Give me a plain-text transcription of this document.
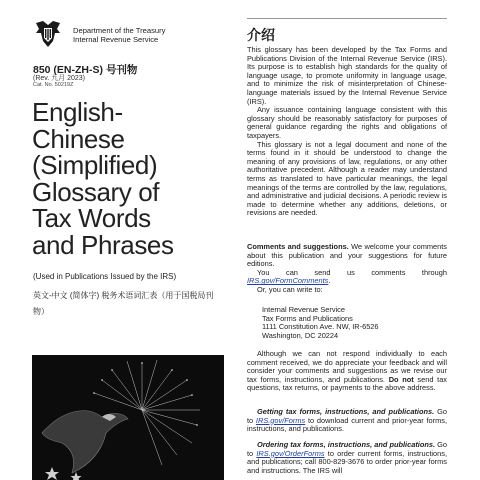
Department of the Treasury
Internal Revenue Service
850 (EN-ZH-S) 号刊物
(Rev. 九月 2023)
Cat. No. 50219Z
English-
Chinese
(Simplified)
Glossary of
Tax Words
and Phrases
(Used in Publications Issued by the IRS)
英文-中文 (简体字) 税务术语词汇表（用于国税局刊物）
介绍

This glossary has been developed by the Tax Forms and Publications Division of the Internal Revenue Service (IRS). Its purpose is to establish high standards for the quality of language usage, to promote uniformity in language usage, and to minimize the risk of misinterpretation of Chinese-language materials issued by the Internal Revenue Service (IRS).

Any issuance containing language consistent with this glossary should be reasonably satisfactory for purposes of general guidance regarding the rights and obligations of taxpayers.

This glossary is not a legal document and none of the terms found in it should be understood to change the meaning of any provisions of law, regulations, or any other authoritative precedent. Although a reader may understand terms as translated to have particular meanings, the legal meanings of the terms are controlled by the law, regulations, and administrative and judicial decisions. A periodic review is made to determine whether any additions, deletions, or revisions are needed.

Comments and suggestions. We welcome your comments about this publication and your suggestions for future editions.

You can send us comments through IRS.gov/FormComments.

Or, you can write to:

Internal Revenue Service
Tax Forms and Publications
1111 Constitution Ave. NW, IR-6526
Washington, DC 20224

Although we can not respond individually to each comment received, we do appreciate your feedback and will consider your comments and suggestions as we revise our tax forms, instructions, and publications. Do not send tax questions, tax returns, or payments to the above address.

Getting tax forms, instructions, and publications. Go to IRS.gov/Forms to download current and prior-year forms, instructions, and publications.

Ordering tax forms, instructions, and publications. Go to IRS.gov/OrderForms to order current forms, instructions, and publications; call 800-829-3676 to order prior-year forms and instructions. The IRS will
